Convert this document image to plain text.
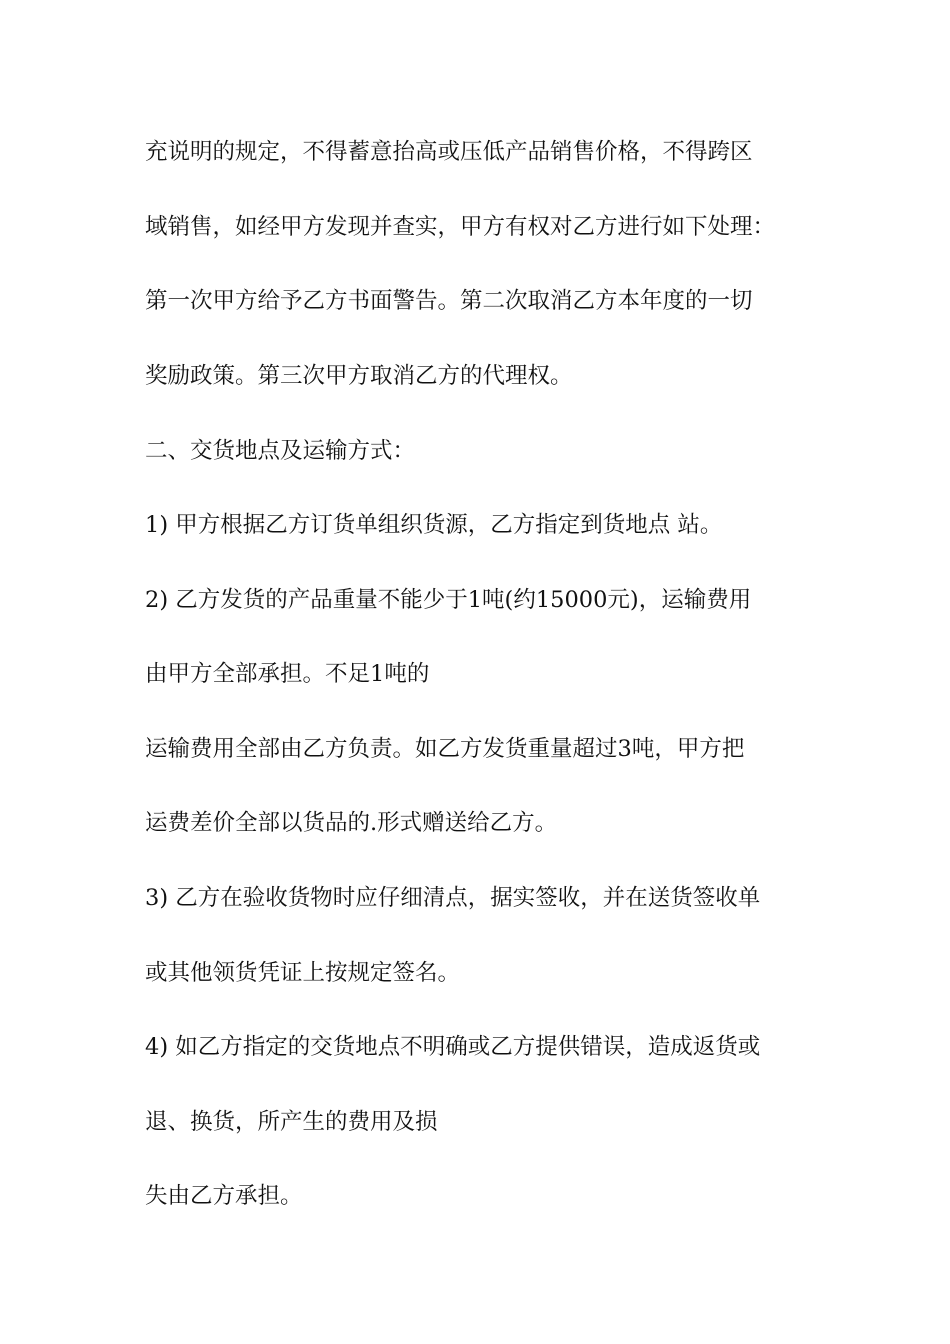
充说明的规定，不得蓄意抬高或压低产品销售价格，不得跨区
域销售，如经甲方发现并查实，甲方有权对乙方进行如下处理：
第一次甲方给予乙方书面警告。第二次取消乙方本年度的一切
奖励政策。第三次甲方取消乙方的代理权。
二、交货地点及运输方式：
1) 甲方根据乙方订货单组织货源，乙方指定到货地点 站。
2) 乙方发货的产品重量不能少于1吨(约15000元)，运输费用
由甲方全部承担。不足1吨的
运输费用全部由乙方负责。如乙方发货重量超过3吨，甲方把
运费差价全部以货品的.形式赠送给乙方。
3) 乙方在验收货物时应仔细清点，据实签收，并在送货签收单
或其他领货凭证上按规定签名。
4) 如乙方指定的交货地点不明确或乙方提供错误，造成返货或
退、换货，所产生的费用及损
失由乙方承担。
